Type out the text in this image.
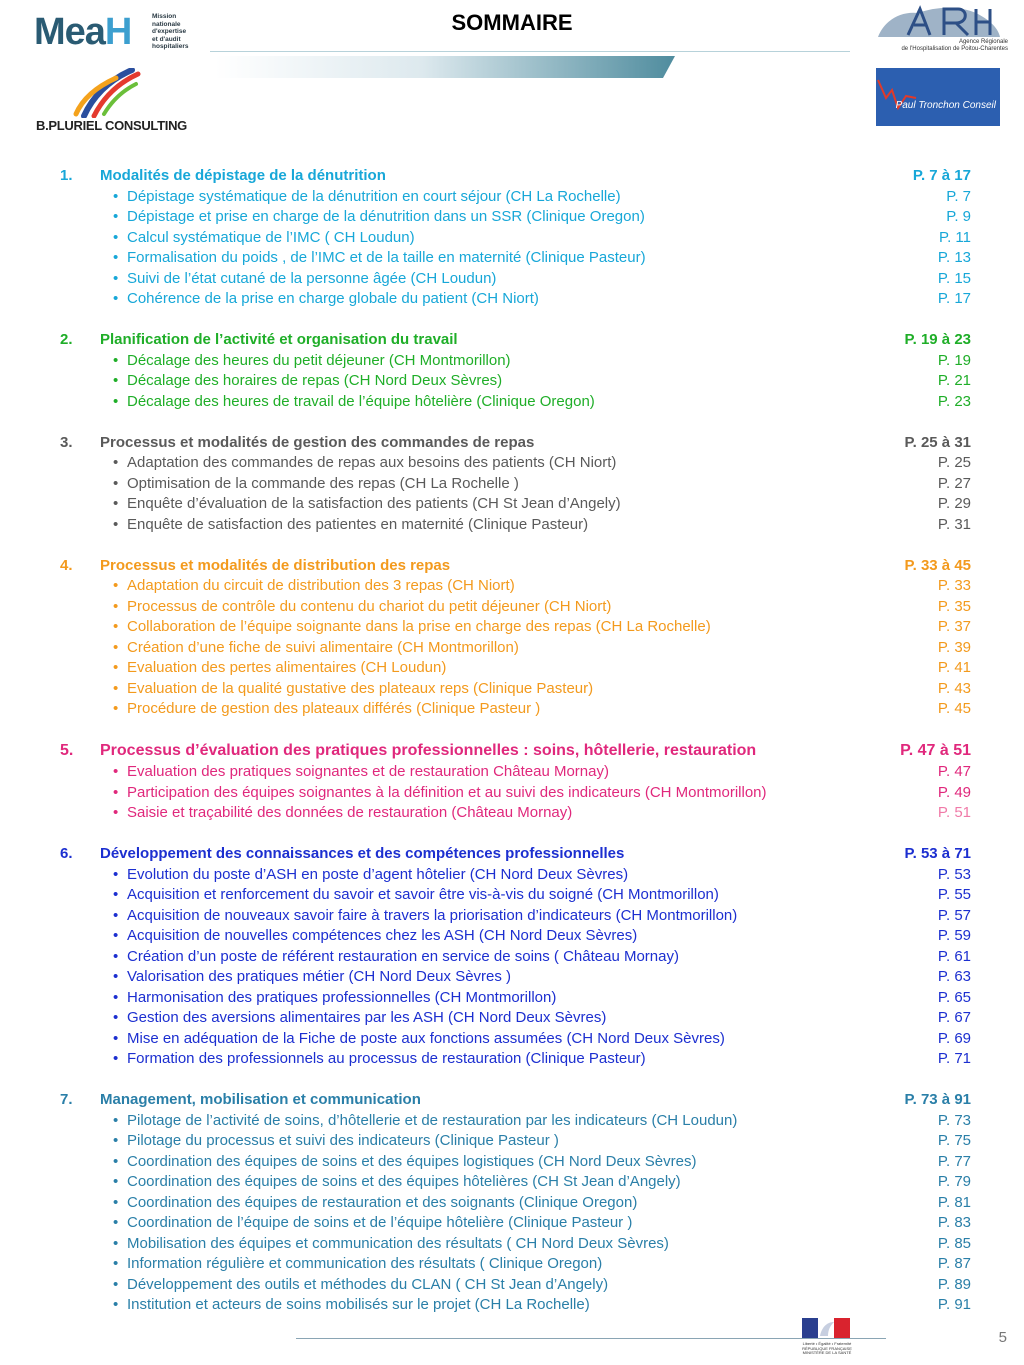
MeaH	Mission
nationale
d'expertise
et d'audit
hospitaliers
SOMMAIRE
B.PLURIEL CONSULTING
Agence Régionale
de l'Hospitalisation de Poitou-Charentes
Paul Tronchon Conseil
1. Modalités de dépistage de la dénutrition	P. 7 à 17
• Dépistage systématique de la dénutrition en court séjour (CH La Rochelle)	P. 7
• Dépistage et prise en charge de la dénutrition dans un SSR (Clinique Oregon)	P. 9
• Calcul systématique de l’IMC ( CH Loudun)	P. 11
• Formalisation du poids , de l’IMC et de la taille en maternité (Clinique Pasteur)	P. 13
• Suivi de l’état cutané de la personne âgée (CH Loudun)	P. 15
• Cohérence de la prise en charge globale du patient (CH Niort)	P. 17
2. Planification de l’activité et organisation du travail	P. 19 à 23
• Décalage des heures du petit déjeuner (CH Montmorillon)	P. 19
• Décalage des horaires de repas (CH Nord Deux Sèvres)	P. 21
• Décalage des heures de travail de l’équipe hôtelière (Clinique Oregon)	P. 23
3. Processus et modalités de gestion des commandes de repas	P. 25 à 31
• Adaptation des commandes de repas aux besoins des patients (CH Niort)	P. 25
• Optimisation de la commande des repas (CH La Rochelle )	P. 27
• Enquête d’évaluation de la satisfaction des patients (CH St Jean d’Angely)	P. 29
• Enquête de satisfaction des patientes en maternité (Clinique Pasteur)	P. 31
4. Processus et modalités de distribution des repas	P. 33 à 45
• Adaptation du circuit de distribution des 3 repas (CH Niort)	P. 33
• Processus de contrôle du contenu du chariot du petit déjeuner (CH Niort)	P. 35
• Collaboration de l’équipe soignante dans la prise en charge des repas (CH La Rochelle)	P. 37
• Création d’une fiche de suivi alimentaire (CH Montmorillon)	P. 39
• Evaluation des pertes alimentaires (CH Loudun)	P. 41
• Evaluation de la qualité gustative des plateaux reps (Clinique Pasteur)	P. 43
• Procédure de gestion des plateaux différés (Clinique Pasteur )	P. 45
5. Processus d’évaluation des pratiques professionnelles : soins, hôtellerie, restauration	P. 47 à 51
• Evaluation des pratiques soignantes et de restauration Château Mornay)	P. 47
• Participation des équipes soignantes à la définition et au suivi des indicateurs (CH Montmorillon)	P. 49
• Saisie et traçabilité des données de restauration (Château Mornay)	P. 51
6. Développement des connaissances et des compétences professionnelles	P. 53 à 71
• Evolution du poste d’ASH en poste d’agent hôtelier (CH Nord Deux Sèvres)	P. 53
• Acquisition et renforcement du savoir et savoir être vis-à-vis du soigné (CH Montmorillon)	P. 55
• Acquisition de nouveaux savoir faire à travers la priorisation d’indicateurs (CH Montmorillon)	P. 57
• Acquisition de nouvelles compétences chez les ASH (CH Nord Deux Sèvres)	P. 59
• Création d’un poste de référent restauration en service de soins ( Château Mornay)	P. 61
• Valorisation des pratiques métier (CH Nord Deux Sèvres )	P. 63
• Harmonisation des pratiques professionnelles (CH Montmorillon)	P. 65
• Gestion des aversions alimentaires par les ASH (CH Nord Deux Sèvres)	P. 67
• Mise en adéquation de la Fiche de poste aux fonctions assumées (CH Nord Deux Sèvres)	P. 69
• Formation des professionnels au processus de restauration (Clinique Pasteur)	P. 71
7. Management, mobilisation et communication	P. 73 à 91
• Pilotage de l’activité de soins, d’hôtellerie et de restauration par les indicateurs (CH Loudun)	P. 73
• Pilotage du processus et suivi des indicateurs (Clinique Pasteur )	P. 75
• Coordination des équipes de soins et des équipes logistiques (CH Nord Deux Sèvres)	P. 77
• Coordination des équipes de soins et des équipes hôtelières (CH St Jean d’Angely)	P. 79
• Coordination des équipes de restauration et des soignants (Clinique Oregon)	P. 81
• Coordination de l’équipe de soins et de l’équipe hôtelière (Clinique Pasteur )	P. 83
• Mobilisation des équipes et communication des résultats ( CH Nord Deux Sèvres)	P. 85
• Information régulière et communication des résultats ( Clinique Oregon)	P. 87
• Développement des outils et méthodes du CLAN ( CH St Jean d’Angely)	P. 89
• Institution et acteurs de soins mobilisés sur le projet (CH La Rochelle)	P. 91
Liberté • Égalité • Fraternité
RÉPUBLIQUE FRANÇAISE
MINISTÈRE DE LA SANTÉ
5
